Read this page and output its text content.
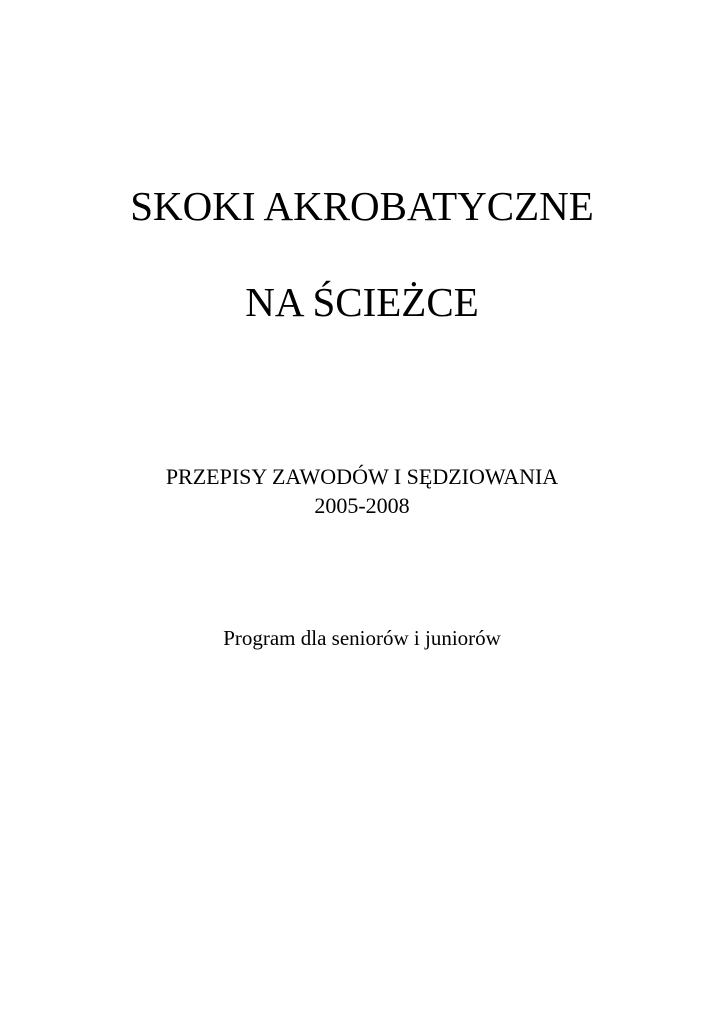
SKOKI AKROBATYCZNE
NA ŚCIEŻCE
PRZEPISY ZAWODÓW I SĘDZIOWANIA
2005-2008
Program dla seniorów i juniorów
